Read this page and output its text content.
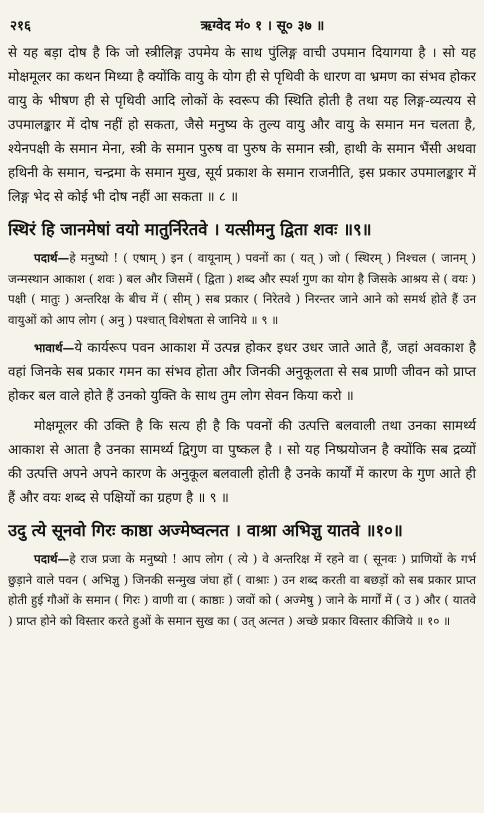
२१६	ऋग्वेद मं० १ । सू० ३७ ॥

से यह बड़ा दोष है कि जो स्त्रीलिङ्ग उपमेय के साथ पुंलिङ्ग वाची उपमान दियागया है । सो यह मोक्षमूलर का कथन मिथ्या है क्योंकि वायु के योग ही से पृथिवी के धारण वा भ्रमण का संभव होकर वायु के भीषण ही से पृथिवी आदि लोकों के स्वरूप की स्थिति होती है तथा यह लिङ्ग-व्यत्यय से उपमालङ्कार में दोष नहीं हो सकता, जैसे मनुष्य के तुल्य वायु और वायु के समान मन चलता है, श्येनपक्षी के समान मेना, स्त्री के समान पुरुष वा पुरुष के समान स्त्री, हाथी के समान भैंसी अथवा हथिनी के समान, चन्द्रमा के समान मुख, सूर्य प्रकाश के समान राजनीति, इस प्रकार उपमालङ्कार में लिङ्ग भेद से कोई भी दोष नहीं आ सकता ॥ ८ ॥

स्थिरं हि जानमेषां वयो मातुर्निरेतवे । यत्सीमनु द्विता शवः ॥९॥

पदार्थ—हे मनुष्यो ! ( एषाम् ) इन ( वायूनाम् ) पवनों का ( यत् ) जो ( स्थिरम् ) निश्चल ( जानम् ) जन्मस्थान आकाश ( शवः ) बल और जिसमें ( द्विता ) शब्द और स्पर्श गुण का योग है जिसके आश्रय से ( वयः ) पक्षी ( मातुः ) अन्तरिक्ष के बीच में ( सीम् ) सब प्रकार ( निरेतवे ) निरन्तर जाने आने को समर्थ होते हैं उन वायुओं को आप लोग ( अनु ) पश्चात् विशेषता से जानिये ॥ ९ ॥

भावार्थ—ये कार्यरूप पवन आकाश में उत्पन्न होकर इधर उधर जाते आते हैं, जहां अवकाश है वहां जिनके सब प्रकार गमन का संभव होता और जिनकी अनुकूलता से सब प्राणी जीवन को प्राप्त होकर बल वाले होते हैं उनको युक्ति के साथ तुम लोग सेवन किया करो ॥

मोक्षमूलर की उक्ति है कि सत्य ही है कि पवनों की उत्पत्ति बलवाली तथा उनका सामर्थ्य आकाश से आता है उनका सामर्थ्य द्विगुण वा पुष्कल है । सो यह निष्प्रयोजन है क्योंकि सब द्रव्यों की उत्पत्ति अपने अपने कारण के अनुकूल बलवाली होती है उनके कार्यों में कारण के गुण आते ही हैं और वयः शब्द से पक्षियों का ग्रहण है ॥ ९ ॥

उदु त्ये सूनवो गिरः काष्ठा अज्मेष्वत्नत । वाश्रा अभिज्ञु यातवे ॥१०॥

पदार्थ—हे राज प्रजा के मनुष्यो ! आप लोग ( त्ये ) वे अन्तरिक्ष में रहने वा ( सूनवः ) प्राणियों के गर्भ छुड़ाने वाले पवन ( अभिज्ञु ) जिनकी सन्मुख जंघा हों ( वाश्राः ) उन शब्द करती वा बछड़ों को सब प्रकार प्राप्त होती हुई गौओं के समान ( गिरः ) वाणी वा ( काष्ठाः ) जवों को ( अज्मेषु ) जाने के मार्गों में ( उ ) और ( यातवे ) प्राप्त होने को विस्तार करते हुओं के समान सुख का ( उत् अत्नत ) अच्छे प्रकार विस्तार कीजिये ॥ १० ॥
